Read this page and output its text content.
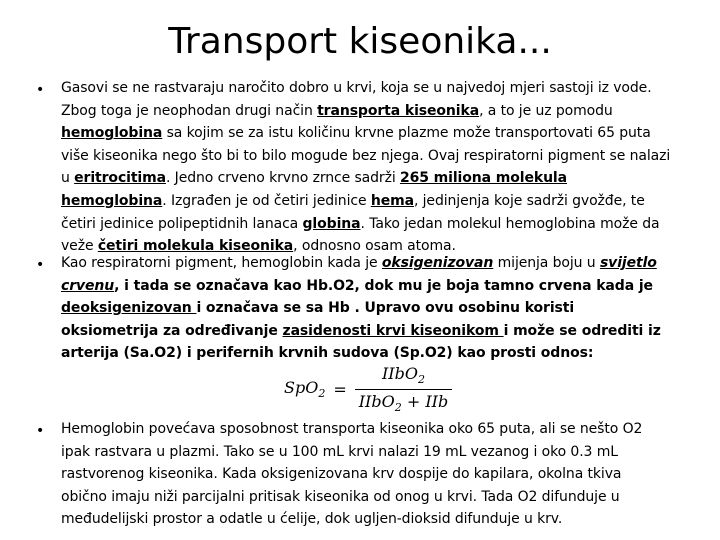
Transport kiseonika...
• Gasovi se ne rastvaraju naročito dobro u krvi, koja se u najvedoj mjeri sastoji iz vode. Zbog toga je neophodan drugi način transporta kiseonika, a to je uz pomodu hemoglobina sa kojim se za istu količinu krvne plazme može transportovati 65 puta više kiseonika nego što bi to bilo mogude bez njega. Ovaj respiratorni pigment se nalazi u eritrocitima. Jedno crveno krvno zrnce sadrži 265 miliona molekula hemoglobina. Izgrađen je od četiri jedinice hema, jedinjenja koje sadrži gvožđe, te četiri jedinice polipeptidnih lanaca globina. Tako jedan molekul hemoglobina može da veže četiri molekula kiseonika, odnosno osam atoma.
• Kao respiratorni pigment, hemoglobin kada je oksigenizovan mijenja boju u svijetlo crvenu, i tada se označava kao Hb.O2, dok mu je boja tamno crvena kada je deoksigenizovan i označava se sa Hb . Upravo ovu osobinu koristi oksiometrija za određivanje zasidenosti krvi kiseonikom i može se odrediti iz arterija (Sa.O2) i perifernih krvnih sudova (Sp.O2) kao prosti odnos:
$SpO_2 = \frac{IIbO_2}{IIbO_2 + IIb}$
• Hemoglobin povećava sposobnost transporta kiseonika oko 65 puta, ali se nešto O2 ipak rastvara u plazmi. Tako se u 100 mL krvi nalazi 19 mL vezanog i oko 0.3 mL rastvorenog kiseonika. Kada oksigenizovana krv dospije do kapilara, okolna tkiva obično imaju niži parcijalni pritisak kiseonika od onog u krvi. Tada O2 difunduje u međudelijski prostor a odatle u ćelije, dok ugljen-dioksid difunduje u krv.
